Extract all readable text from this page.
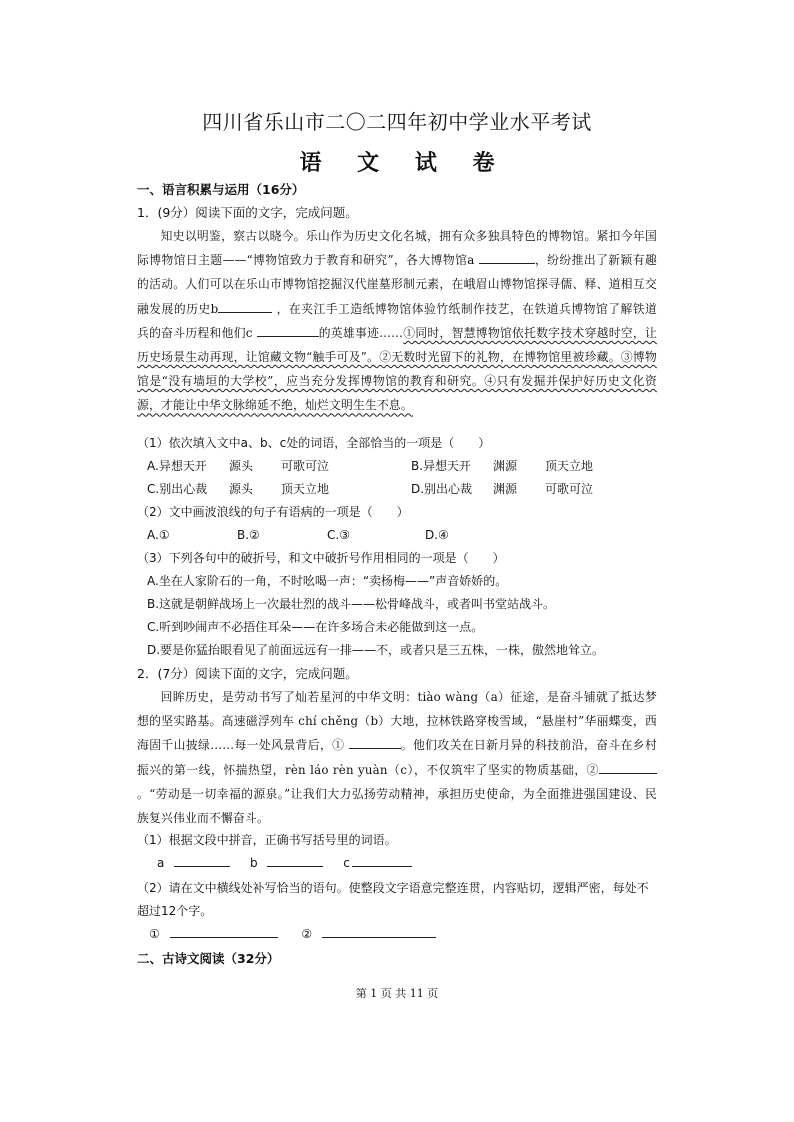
四川省乐山市二〇二四年初中学业水平考试
语 文 试 卷
一、语言积累与运用（16分）
1．(9分）阅读下面的文字，完成问题。
知史以明鉴，察古以晓今。乐山作为历史文化名城，拥有众多独具特色的博物馆。紧扣今年国际博物馆日主题——“博物馆致力于教育和研究”，各大博物馆a	，纷纷推出了新颖有趣的活动。人们可以在乐山市博物馆挖掘汉代崖墓形制元素，在峨眉山博物馆探寻儒、释、道相互交融发展的历史b	，在夹江手工造纸博物馆体验竹纸制作技艺，在铁道兵博物馆了解铁道兵的奋斗历程和他们c	的英雄事迹……①同时，智慧博物馆依托数字技术穿越时空，让历史场景生动再现，让馆藏文物“触手可及”。②无数时光留下的礼物，在博物馆里被珍藏。③博物馆是“没有墙垣的大学校”，应当充分发挥博物馆的教育和研究。④只有发掘并保护好历史文化资源，才能让中华文脉绵延不绝，灿烂文明生生不息。
（1）依次填入文中a、b、c处的词语，全部恰当的一项是（　　）
A.异想天开	源头	可歌可泣	B.异想天开	渊源	顶天立地
C.别出心裁	源头	顶天立地	D.别出心裁	渊源	可歌可泣
（2）文中画波浪线的句子有语病的一项是（　　）
A.①	B.②	C.③	D.④
（3）下列各句中的破折号，和文中破折号作用相同的一项是（　　）
A.坐在人家阶石的一角，不时吆喝一声：“卖杨梅——”声音娇娇的。
B.这就是朝鲜战场上一次最壮烈的战斗——松骨峰战斗，或者叫书堂站战斗。
C.听到吵闹声不必捂住耳朵——在许多场合未必能做到这一点。
D.要是你猛抬眼看见了前面远远有一排——不，或者只是三五株，一株，傲然地耸立。
2．(7分）阅读下面的文字，完成问题。
回眸历史，是劳动书写了灿若星河的中华文明：tiào wàng（a）征途，是奋斗铺就了抵达梦想的坚实路基。高速磁浮列车 chí chěng（b）大地，拉林铁路穿梭雪域，“悬崖村”华丽蝶变，西海固千山披绿……每一处风景背后，①	。他们攻关在日新月异的科技前沿，奋斗在乡村振兴的第一线，怀揣热望，rèn láo rèn yuàn（c），不仅筑牢了坚实的物质基础，②。“劳动是一切幸福的源泉。”让我们大力弘扬劳动精神，承担历史使命，为全面推进强国建设、民族复兴伟业而不懈奋斗。
（1）根据文段中拼音，正确书写括号里的词语。
a	b	c
（2）请在文中横线处补写恰当的语句。使整段文字语意完整连贯，内容贴切，逻辑严密，每处不超过12个字。
①	②
二、古诗文阅读（32分）
第 1 页 共 11 页
